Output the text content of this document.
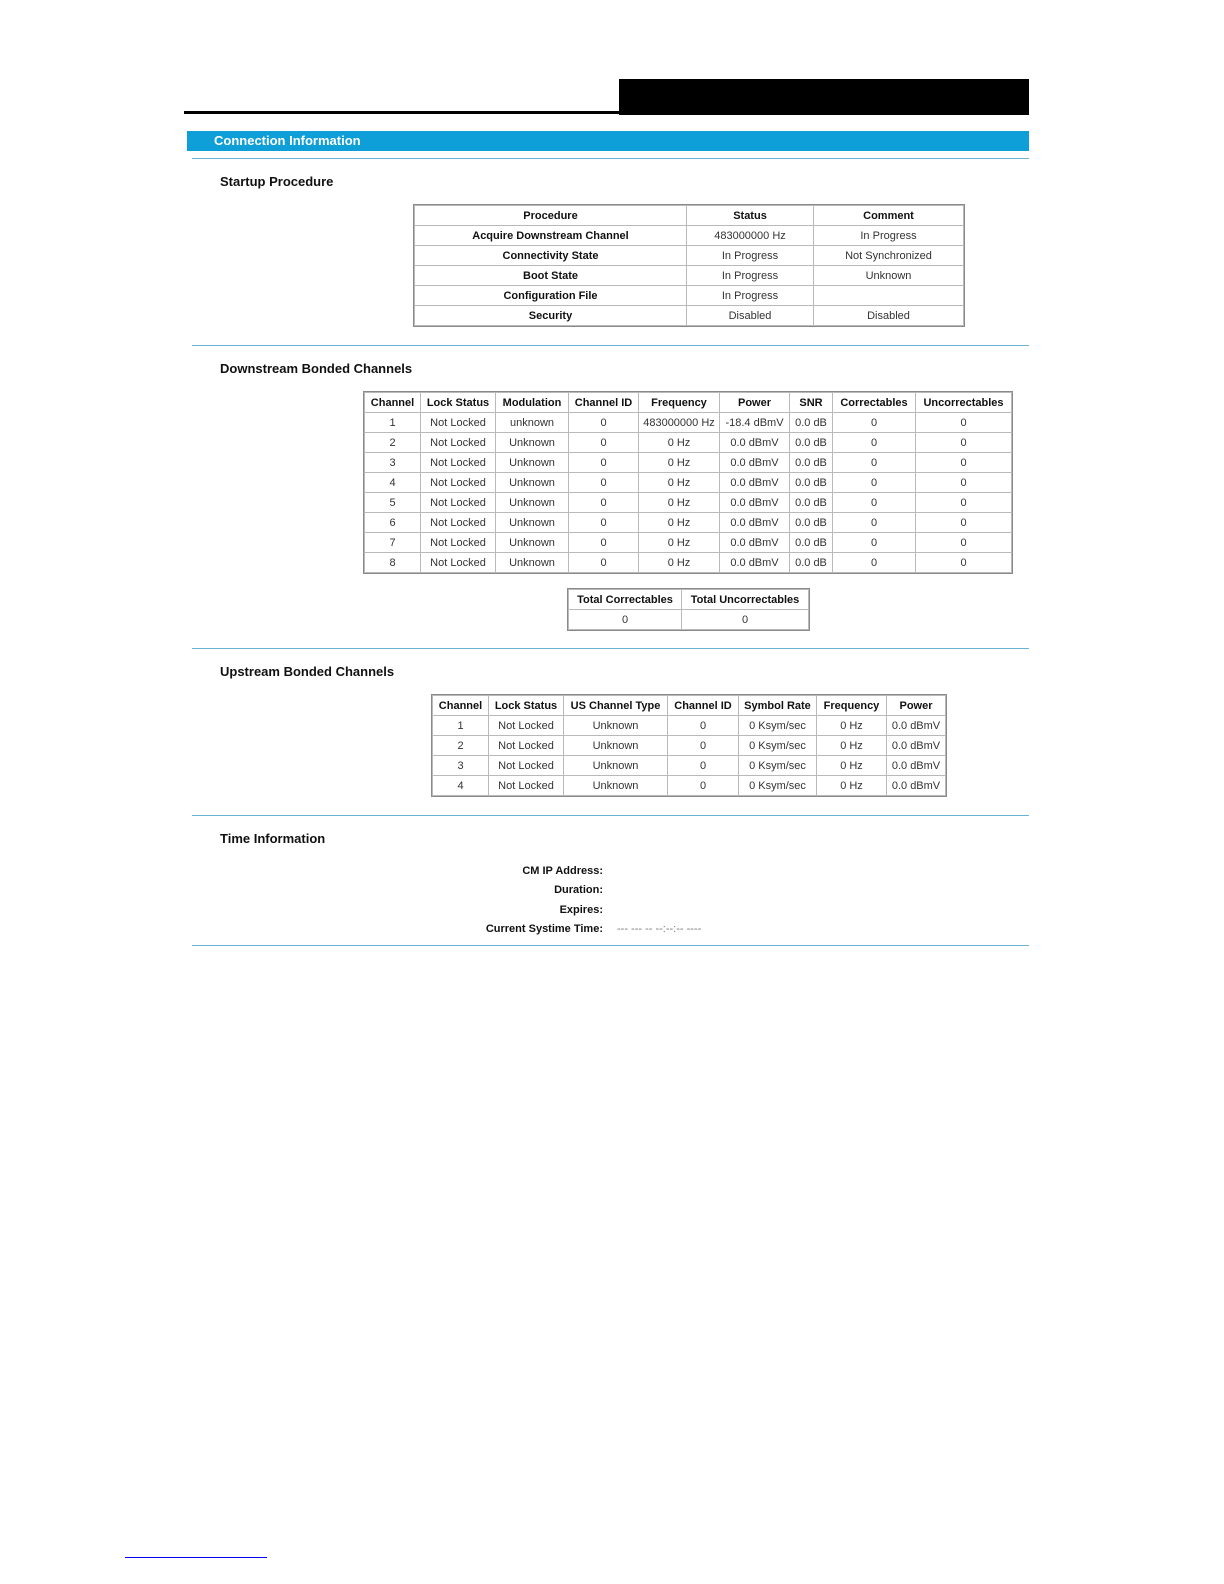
Connection Information
Startup Procedure
Procedure	Status	Comment
Acquire Downstream Channel	483000000 Hz	In Progress
Connectivity State	In Progress	Not Synchronized
Boot State	In Progress	Unknown
Configuration File	In Progress	
Security	Disabled	Disabled
Downstream Bonded Channels
Channel	Lock Status	Modulation	Channel ID	Frequency	Power	SNR	Correctables	Uncorrectables
1	Not Locked	unknown	0	483000000 Hz	-18.4 dBmV	0.0 dB	0	0
2	Not Locked	Unknown	0	0 Hz	0.0 dBmV	0.0 dB	0	0
3	Not Locked	Unknown	0	0 Hz	0.0 dBmV	0.0 dB	0	0
4	Not Locked	Unknown	0	0 Hz	0.0 dBmV	0.0 dB	0	0
5	Not Locked	Unknown	0	0 Hz	0.0 dBmV	0.0 dB	0	0
6	Not Locked	Unknown	0	0 Hz	0.0 dBmV	0.0 dB	0	0
7	Not Locked	Unknown	0	0 Hz	0.0 dBmV	0.0 dB	0	0
8	Not Locked	Unknown	0	0 Hz	0.0 dBmV	0.0 dB	0	0
Total Correctables	Total Uncorrectables
0	0
Upstream Bonded Channels
Channel	Lock Status	US Channel Type	Channel ID	Symbol Rate	Frequency	Power
1	Not Locked	Unknown	0	0 Ksym/sec	0 Hz	0.0 dBmV
2	Not Locked	Unknown	0	0 Ksym/sec	0 Hz	0.0 dBmV
3	Not Locked	Unknown	0	0 Ksym/sec	0 Hz	0.0 dBmV
4	Not Locked	Unknown	0	0 Ksym/sec	0 Hz	0.0 dBmV
Time Information
CM IP Address:
Duration:
Expires:
Current Systime Time: --- --- -- --:--:-- ----
